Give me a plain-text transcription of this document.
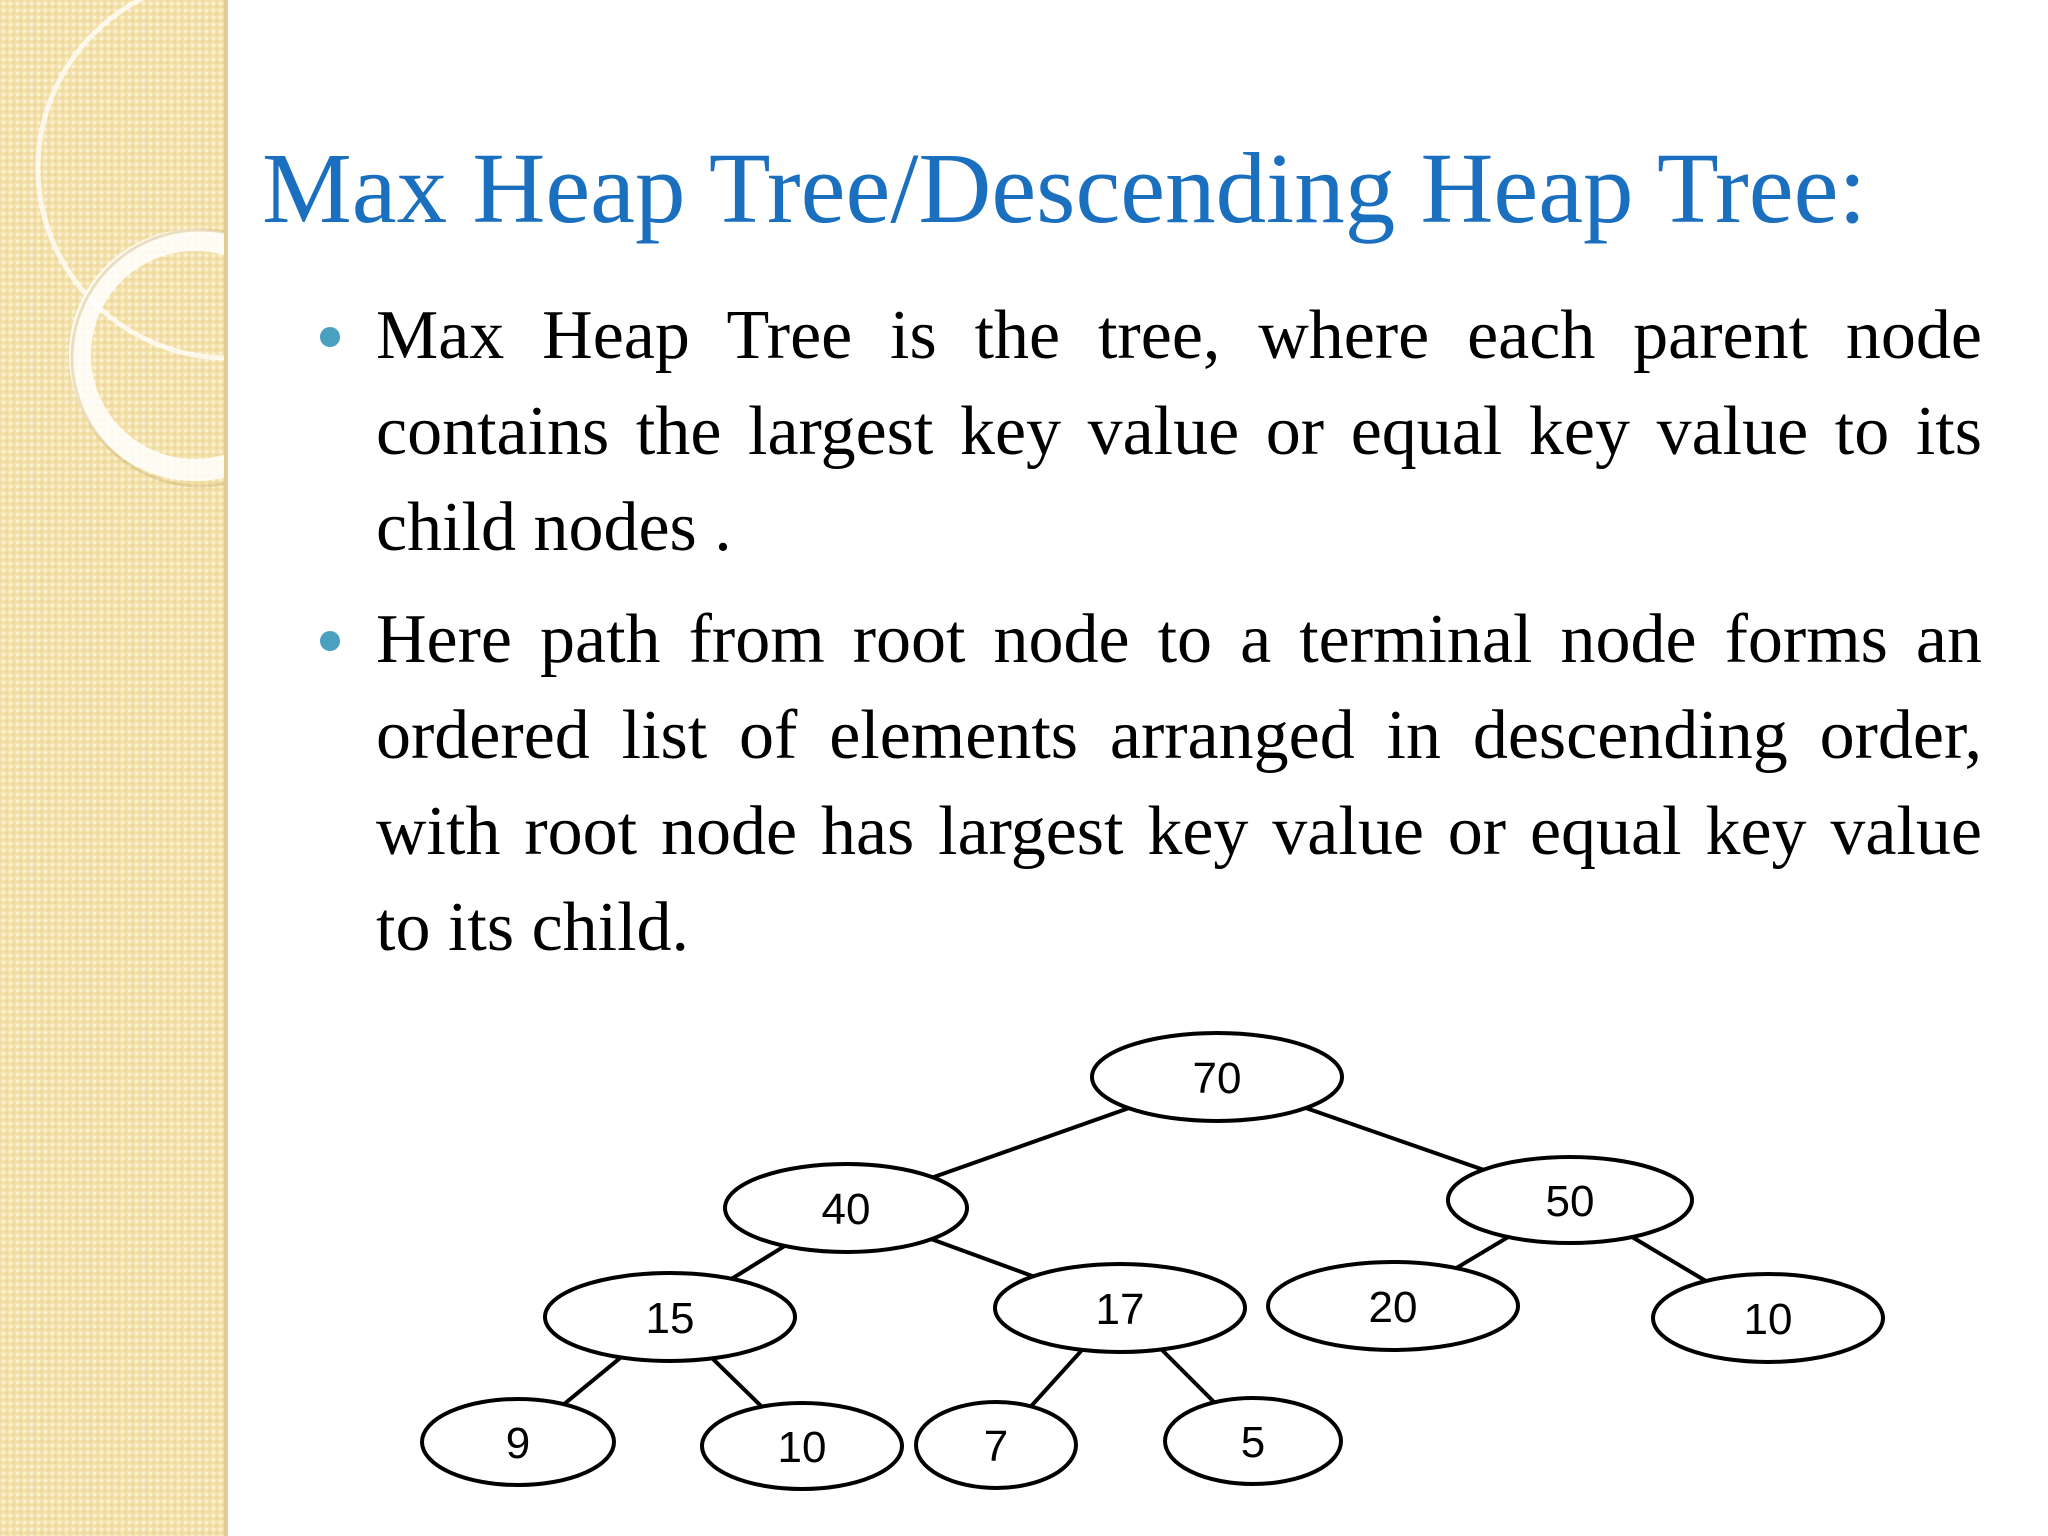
Max Heap Tree/Descending Heap Tree:
Max Heap Tree is the tree, where each parent node contains the largest key value or equal key value to its child nodes .
Here path from root node to a terminal node forms an ordered list of elements arranged in descending order, with root node has largest key value or equal key value to its child.
70
40	50
15	17	20	10
9	10	7	5
